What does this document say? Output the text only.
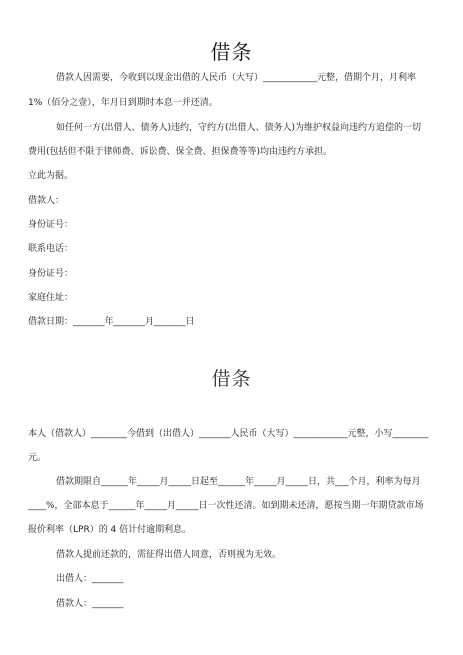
借条
借款人因需要，今收到以现金出借的人民币（大写）____________元整，借期个月，月利率
1%（佰分之壹），年月日到期时本息一并还清。
如任何一方(出借人、债务人)违约，守约方(出借人、债务人)为维护权益向违约方追偿的一切
费用(包括但不限于律师费、诉讼费、保全费、担保费等等)均由违约方承担。
立此为据。
借款人：
身份证号：
联系电话：
身份证号：
家庭住址：
借款日期：_______年_______月_______日
借条
本人（借款人）________今借到（出借人）_______人民币（大写）____________元整，小写________
元。
借款期限自______年_____月_____日起至______年_____月_____日，共___个月，利率为每月
____%，全部本息于______年_____月_____日一次性还清。如到期未还清，愿按当期一年期贷款市场
报价利率（LPR）的 4 倍计付逾期利息。
借款人提前还款的，需征得出借人同意，否则视为无效。
出借人：_______
借款人：_______
